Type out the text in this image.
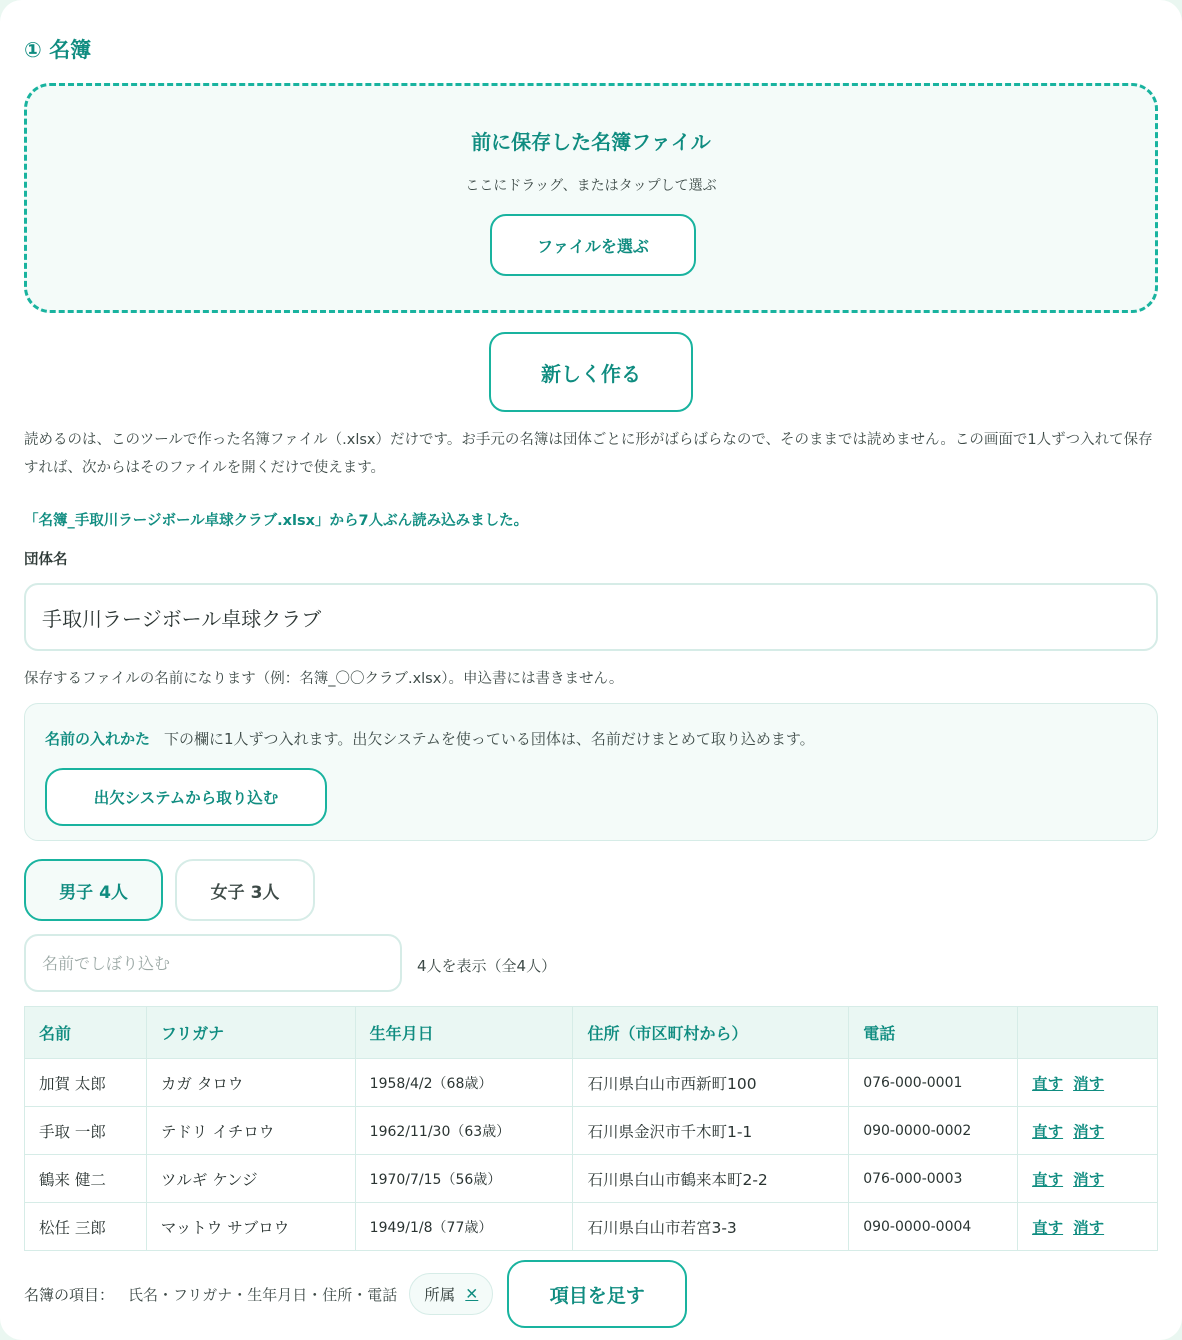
① 名簿
前に保存した名簿ファイル
ここにドラッグ、またはタップして選ぶ
ファイルを選ぶ
新しく作る
読めるのは、このツールで作った名簿ファイル（.xlsx）だけです。お手元の名簿は団体ごとに形がばらばらなので、そのままでは読めません。この画面で1人ずつ入れて保存すれば、次からはそのファイルを開くだけで使えます。
「名簿_手取川ラージボール卓球クラブ.xlsx」から7人ぶん読み込みました。
団体名
手取川ラージボール卓球クラブ
保存するファイルの名前になります（例：名簿_〇〇クラブ.xlsx）。申込書には書きません。
名前の入れかた 下の欄に1人ずつ入れます。出欠システムを使っている団体は、名前だけまとめて取り込めます。
出欠システムから取り込む
男子 4人	女子 3人
名前でしぼり込む
4人を表示（全4人）
名前	フリガナ	生年月日	住所（市区町村から）	電話	
加賀 太郎	カガ タロウ	1958/4/2（68歳）	石川県白山市西新町100	076-000-0001	直す 消す
手取 一郎	テドリ イチロウ	1962/11/30（63歳）	石川県金沢市千木町1-1	090-0000-0002	直す 消す
鶴来 健二	ツルギ ケンジ	1970/7/15（56歳）	石川県白山市鶴来本町2-2	076-000-0003	直す 消す
松任 三郎	マットウ サブロウ	1949/1/8（77歳）	石川県白山市若宮3-3	090-0000-0004	直す 消す
名簿の項目： 氏名・フリガナ・生年月日・住所・電話 所属 ✕	項目を足す
